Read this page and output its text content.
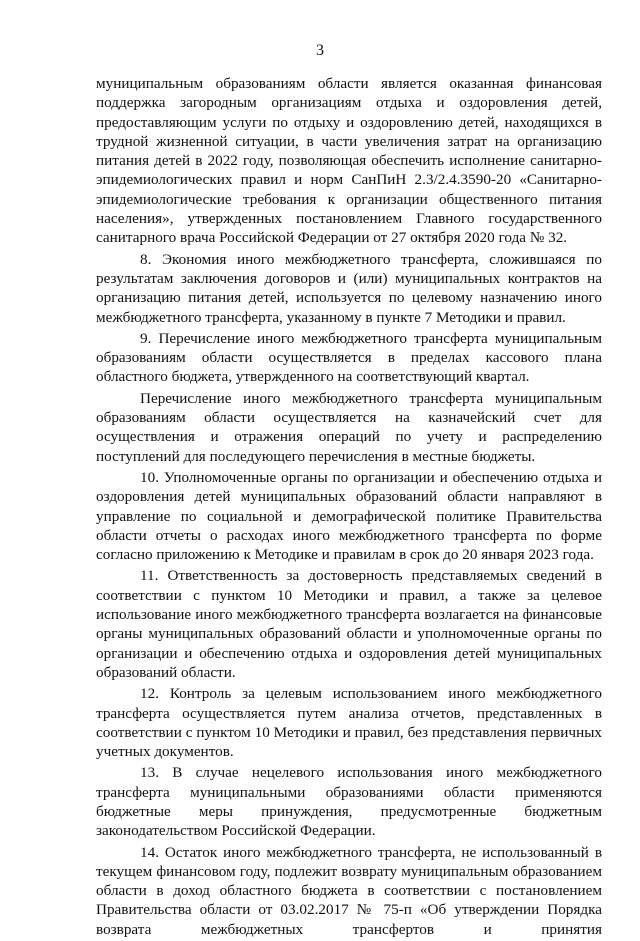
3

муниципальным образованиям области является оказанная финансовая поддержка загородным организациям отдыха и оздоровления детей, предоставляющим услуги по отдыху и оздоровлению детей, находящихся в трудной жизненной ситуации, в части увеличения затрат на организацию питания детей в 2022 году, позволяющая обеспечить исполнение санитарно-эпидемиологических правил и норм СанПиН 2.3/2.4.3590-20 «Санитарно-эпидемиологические требования к организации общественного питания населения», утвержденных постановлением Главного государственного санитарного врача Российской Федерации от 27 октября 2020 года № 32.

8. Экономия иного межбюджетного трансферта, сложившаяся по результатам заключения договоров и (или) муниципальных контрактов на организацию питания детей, используется по целевому назначению иного межбюджетного трансферта, указанному в пункте 7 Методики и правил.

9. Перечисление иного межбюджетного трансферта муниципальным образованиям области осуществляется в пределах кассового плана областного бюджета, утвержденного на соответствующий квартал.

Перечисление иного межбюджетного трансферта муниципальным образованиям области осуществляется на казначейский счет для осуществления и отражения операций по учету и распределению поступлений для последующего перечисления в местные бюджеты.

10. Уполномоченные органы по организации и обеспечению отдыха и оздоровления детей муниципальных образований области направляют в управление по социальной и демографической политике Правительства области отчеты о расходах иного межбюджетного трансферта по форме согласно приложению к Методике и правилам в срок до 20 января 2023 года.

11. Ответственность за достоверность представляемых сведений в соответствии с пунктом 10 Методики и правил, а также за целевое использование иного межбюджетного трансферта возлагается на финансовые органы муниципальных образований области и уполномоченные органы по организации и обеспечению отдыха и оздоровления детей муниципальных образований области.

12. Контроль за целевым использованием иного межбюджетного трансферта осуществляется путем анализа отчетов, представленных в соответствии с пунктом 10 Методики и правил, без представления первичных учетных документов.

13. В случае нецелевого использования иного межбюджетного трансферта муниципальными образованиями области применяются бюджетные меры принуждения, предусмотренные бюджетным законодательством Российской Федерации.

14. Остаток иного межбюджетного трансферта, не использованный в текущем финансовом году, подлежит возврату муниципальным образованием области в доход областного бюджета в соответствии с постановлением Правительства области от 03.02.2017 № 75-п «Об утверждении Порядка возврата межбюджетных трансфертов и принятия
